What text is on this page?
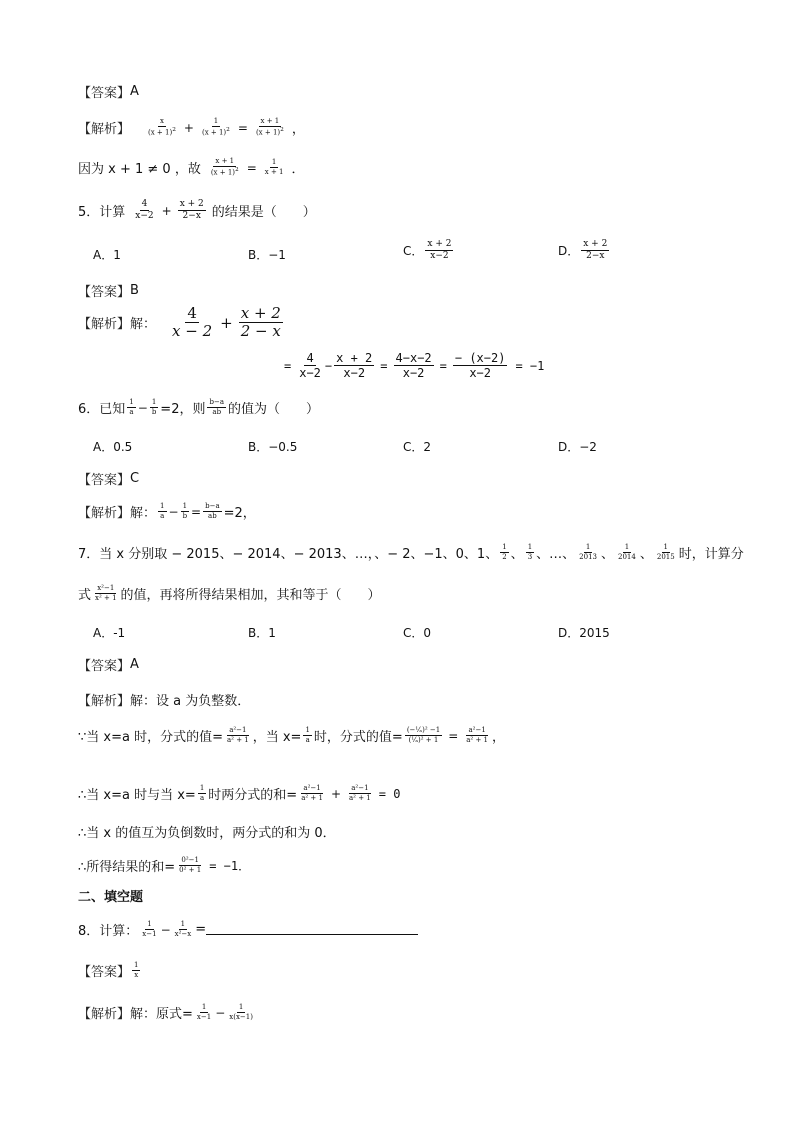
【答案】 A
【解析】
x
$(x + 1)^2 + \frac{1}{(x + 1)^2} = \frac{x + 1}{(x + 1)^2}$ ，
因为 x + 1 ≠ 0 ，故 $\frac{x + 1}{(x + 1)^2} = \frac{1}{x + 1}$ ．
5．计算
4
$x-2 + \frac{x + 2}{2-x}$ 的结果是（　　）
A．1	B．−1	C． x + 2
x−2	D． x + 2
2−x
【答案】 B
【解析】 解：
4
$x - 2 + \frac{x + 2}{2 - x}$
= $\frac{4}{x-2} - \frac{x + 2}{x-2} = \frac{4-x-2}{x-2} = \frac{- (x-2)}{x-2} = -1$
6．已知 1
$a - \frac{1}{b} =2$，则 b−a
ab 的值为（　　）
A．0.5	B．−0.5	C．2	D．−2
【答案】 C
【解析】 解： 1
$a - \frac{1}{b} = \frac{b-a}{ab} =2$，
7．当 x 分别取 − 2015、− 2014、− 2013、…，、− 2、−1、0、1、 1
2 、 1
3 、…、 1
2013 、 1
2014 、 1
2015 时，计算分
式 x²−1
x² + 1 的值，再将所得结果相加，其和等于（　　）
A．-1	B．1	C．0	D．2015
【答案】 A
【解析】 解：设 a 为负整数．
∵当 x=a 时，分式的值= $\frac{\text{a²−1}}{\text{a² + 1}}$ ，当 $x= \frac{1}{a}$ 时，分式的值= $\frac{\text{(−¹⁄ₐ)² −1}}{\text{(¹⁄ₐ)² + 1}} = \frac{\text{a²−1}}{\text{a² + 1}}$ ，
∴当 x=a 时与当 $x= \frac{1}{a}$ 时两分式的和= $\frac{\text{a²−1}}{\text{a² + 1}} + \frac{\text{a²−1}}{\text{a² + 1}} = 0$
∴当 x 的值互为负倒数时，两分式的和为 0．
∴所得结果的和= $\frac{\text{0²−1}}{\text{0² + 1}} = -1$．
二、填空题
8．计算： 1
$x-1 - \frac{1}{\text{x²−x}}$ =
【答案】 1
x
【解析】 解：原式= $\frac{1}{x-1} - \frac{1}{x(x-1)}$
